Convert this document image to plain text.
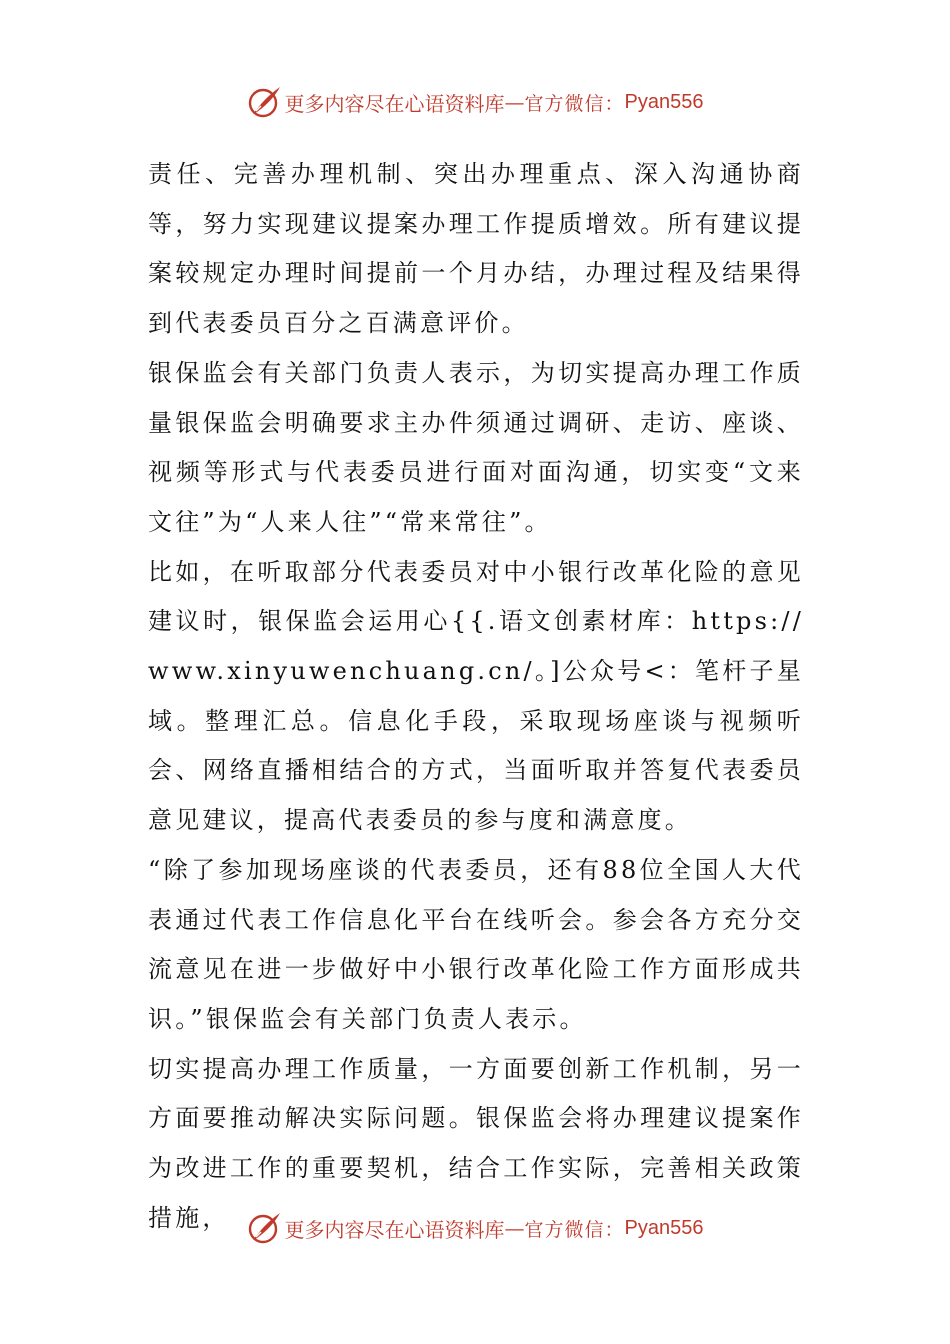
更多内容尽在心语资料库 — 官方微信： Pyan556

责任、完善办理机制、突出办理重点、深入沟通协商等，努力实现建议提案办理工作提质增效。所有建议提案较规定办理时间提前一个月办结，办理过程及结果得到代表委员百分之百满意评价。

银保监会有关部门负责人表示，为切实提高办理工作质量银保监会明确要求主办件须通过调研、走访、座谈、视频等形式与代表委员进行面对面沟通，切实变“文来文往”为“人来人往”“常来常往”。

比如，在听取部分代表委员对中小银行改革化险的意见建议时，银保监会运用心{{.语文创素材库：https://www.xinyuwenchuang.cn/。]公众号<：笔杆子星域。整理汇总。信息化手段，采取现场座谈与视频听会、网络直播相结合的方式，当面听取并答复代表委员意见建议，提高代表委员的参与度和满意度。

“除了参加现场座谈的代表委员，还有88位全国人大代表通过代表工作信息化平台在线听会。参会各方充分交流意见在进一步做好中小银行改革化险工作方面形成共识。”银保监会有关部门负责人表示。

切实提高办理工作质量，一方面要创新工作机制，另一方面要推动解决实际问题。银保监会将办理建议提案作为改进工作的重要契机，结合工作实际，完善相关政策措施，	更多内容尽在心语资料库 — 官方微信： Pyan556
